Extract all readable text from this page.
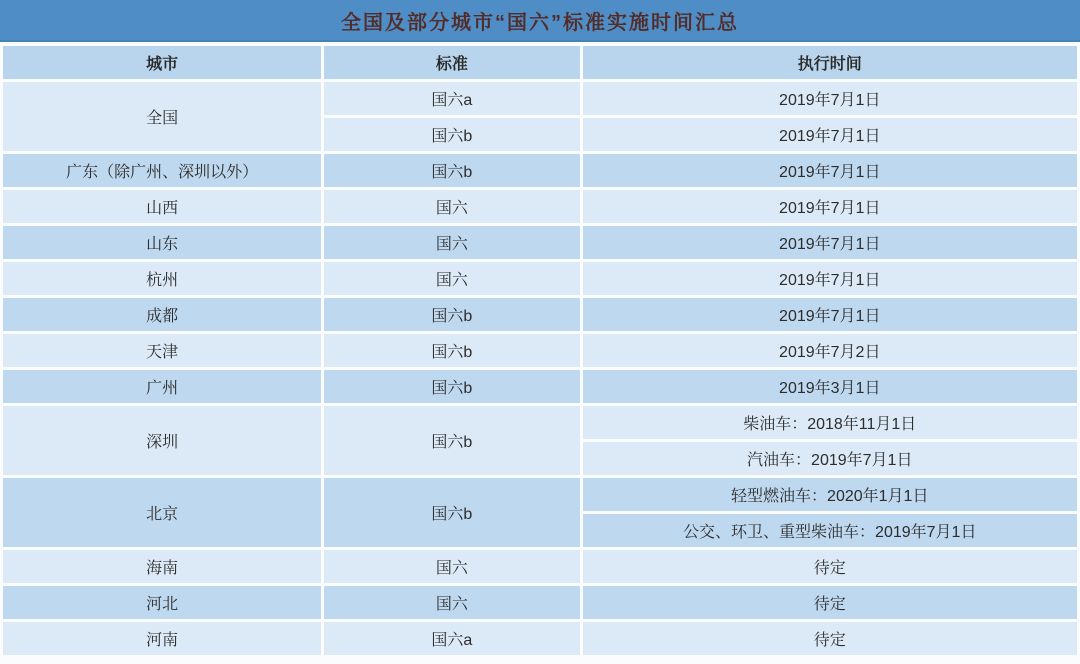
全国及部分城市“国六”标准实施时间汇总
城市	标准	执行时间
全国	国六a	2019年7月1日
	国六b	2019年7月1日
广东（除广州、深圳以外）	国六b	2019年7月1日
山西	国六	2019年7月1日
山东	国六	2019年7月1日
杭州	国六	2019年7月1日
成都	国六b	2019年7月1日
天津	国六b	2019年7月2日
广州	国六b	2019年3月1日
深圳	国六b	柴油车：2018年11月1日
		汽油车：2019年7月1日
北京	国六b	轻型燃油车：2020年1月1日
		公交、环卫、重型柴油车：2019年7月1日
海南	国六	待定
河北	国六	待定
河南	国六a	待定
